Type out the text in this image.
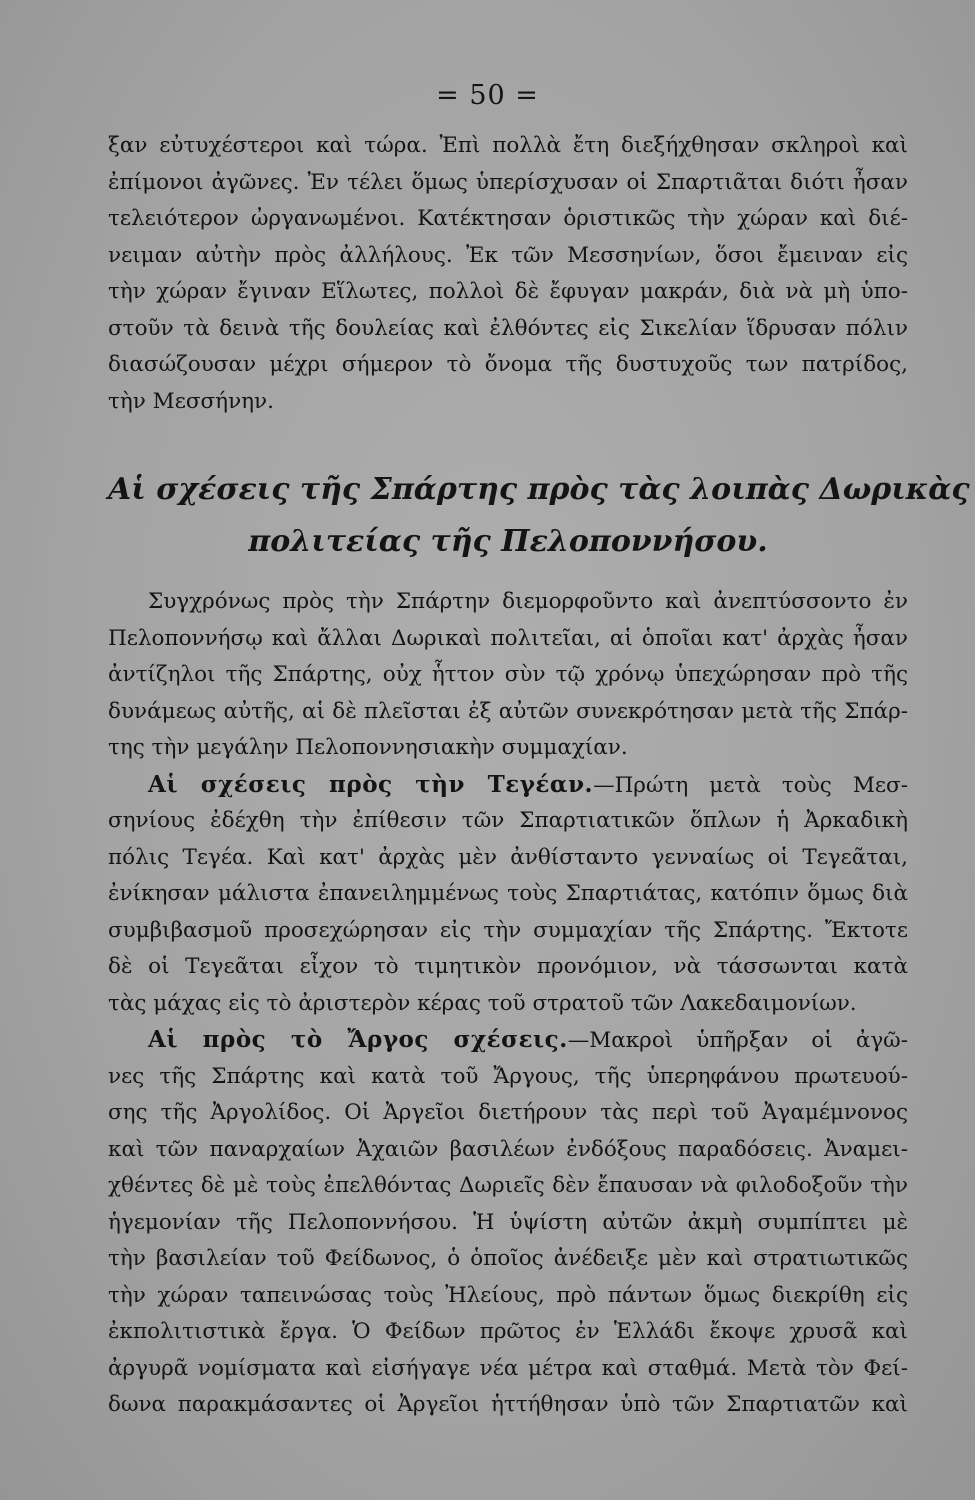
= 50 =
ξαν εὐτυχέστεροι καὶ τώρα. Ἐπὶ πολλὰ ἔτη διεξήχθησαν σκληροὶ καὶ
ἐπίμονοι ἀγῶνες. Ἐν τέλει ὅμως ὑπερίσχυσαν οἱ Σπαρτιᾶται διότι ἦσαν
τελειότερον ὠργανωμένοι. Κατέκτησαν ὁριστικῶς τὴν χώραν καὶ διέ-
νειμαν αὐτὴν πρὸς ἀλλήλους. Ἐκ τῶν Μεσσηνίων, ὅσοι ἔμειναν εἰς
τὴν χώραν ἔγιναν Εἵλωτες, πολλοὶ δὲ ἔφυγαν μακράν, διὰ νὰ μὴ ὑπο-
στοῦν τὰ δεινὰ τῆς δουλείας καὶ ἐλθόντες εἰς Σικελίαν ἵδρυσαν πόλιν
διασώζουσαν μέχρι σήμερον τὸ ὄνομα τῆς δυστυχοῦς των πατρίδος,
τὴν Μεσσήνην.
Αἱ σχέσεις τῆς Σπάρτης πρὸς τὰς λοιπὰς Δωρικὰς
πολιτείας τῆς Πελοποννήσου.
Συγχρόνως πρὸς τὴν Σπάρτην διεμορφοῦντο καὶ ἀνεπτύσσοντο ἐν
Πελοποννήσῳ καὶ ἄλλαι Δωρικαὶ πολιτεῖαι, αἱ ὁποῖαι κατ' ἀρχὰς ἦσαν
ἀντίζηλοι τῆς Σπάρτης, οὐχ ἧττον σὺν τῷ χρόνῳ ὑπεχώρησαν πρὸ τῆς
δυνάμεως αὐτῆς, αἱ δὲ πλεῖσται ἐξ αὐτῶν συνεκρότησαν μετὰ τῆς Σπάρ-
της τὴν μεγάλην Πελοποννησιακὴν συμμαχίαν.
Αἱ σχέσεις πρὸς τὴν Τεγέαν.—Πρώτη μετὰ τοὺς Μεσ-
σηνίους ἐδέχθη τὴν ἐπίθεσιν τῶν Σπαρτιατικῶν ὅπλων ἡ Ἀρκαδικὴ
πόλις Τεγέα. Καὶ κατ' ἀρχὰς μὲν ἀνθίσταντο γενναίως οἱ Τεγεᾶται,
ἐνίκησαν μάλιστα ἐπανειλημμένως τοὺς Σπαρτιάτας, κατόπιν ὅμως διὰ
συμβιβασμοῦ προσεχώρησαν εἰς τὴν συμμαχίαν τῆς Σπάρτης. Ἔκτοτε
δὲ οἱ Τεγεᾶται εἶχον τὸ τιμητικὸν προνόμιον, νὰ τάσσωνται κατὰ
τὰς μάχας εἰς τὸ ἀριστερὸν κέρας τοῦ στρατοῦ τῶν Λακεδαιμονίων.
Αἱ πρὸς τὸ Ἄργος σχέσεις.—Μακροὶ ὑπῆρξαν οἱ ἀγῶ-
νες τῆς Σπάρτης καὶ κατὰ τοῦ Ἄργους, τῆς ὑπερηφάνου πρωτευού-
σης τῆς Ἀργολίδος. Οἱ Ἀργεῖοι διετήρουν τὰς περὶ τοῦ Ἀγαμέμνονος
καὶ τῶν παναρχαίων Ἀχαιῶν βασιλέων ἐνδόξους παραδόσεις. Ἀναμει-
χθέντες δὲ μὲ τοὺς ἐπελθόντας Δωριεῖς δὲν ἔπαυσαν νὰ φιλοδοξοῦν τὴν
ἡγεμονίαν τῆς Πελοποννήσου. Ἡ ὑψίστη αὐτῶν ἀκμὴ συμπίπτει μὲ
τὴν βασιλείαν τοῦ Φείδωνος, ὁ ὁποῖος ἀνέδειξε μὲν καὶ στρατιωτικῶς
τὴν χώραν ταπεινώσας τοὺς Ἠλείους, πρὸ πάντων ὅμως διεκρίθη εἰς
ἐκπολιτιστικὰ ἔργα. Ὁ Φείδων πρῶτος ἐν Ἑλλάδι ἔκοψε χρυσᾶ καὶ
ἀργυρᾶ νομίσματα καὶ εἰσήγαγε νέα μέτρα καὶ σταθμά. Μετὰ τὸν Φεί-
δωνα παρακμάσαντες οἱ Ἀργεῖοι ἡττήθησαν ὑπὸ τῶν Σπαρτιατῶν καὶ
